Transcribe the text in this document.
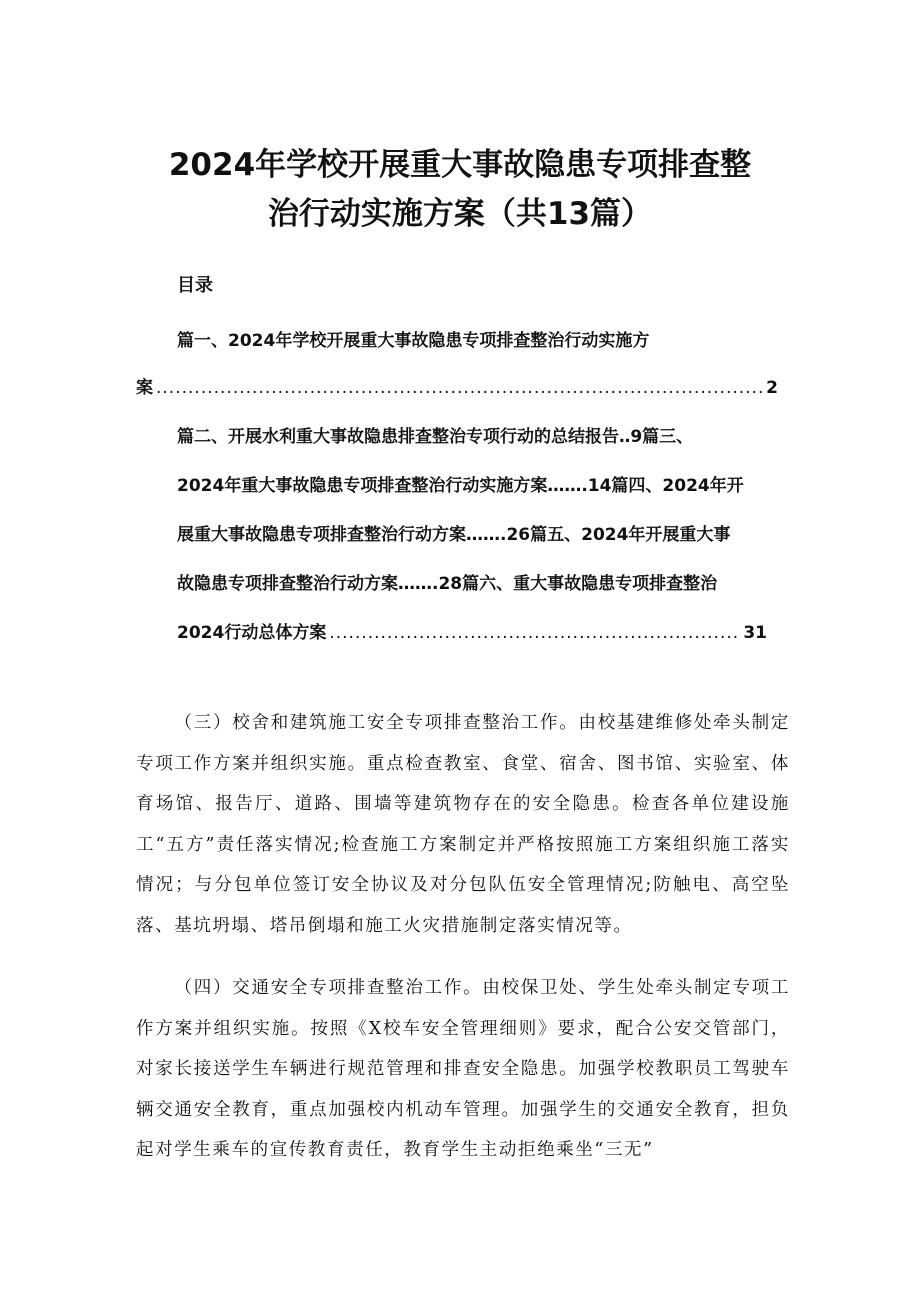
2024年学校开展重大事故隐患专项排查整
治行动实施方案（共13篇）
目录
篇一、2024年学校开展重大事故隐患专项排查整治行动实施方
案 .....	2
篇二、开展水利重大事故隐患排查整治专项行动的总结报告‥9篇三、
2024年重大事故隐患专项排查整治行动实施方案…….14篇四、2024年开
展重大事故隐患专项排查整治行动方案…….26篇五、2024年开展重大事
故隐患专项排查整治行动方案…….28篇六、重大事故隐患专项排查整治
2024行动总体方案 .....	31

（三）校舍和建筑施工安全专项排查整治工作。由校基建维修处牵头制定专项工作方案并组织实施。重点检查教室、食堂、宿舍、图书馆、实验室、体育场馆、报告厅、道路、围墙等建筑物存在的安全隐患。检查各单位建设施工“五方”责任落实情况;检查施工方案制定并严格按照施工方案组织施工落实情况；与分包单位签订安全协议及对分包队伍安全管理情况;防触电、高空坠落、基坑坍塌、塔吊倒塌和施工火灾措施制定落实情况等。

（四）交通安全专项排查整治工作。由校保卫处、学生处牵头制定专项工作方案并组织实施。按照《X校车安全管理细则》要求，配合公安交管部门，对家长接送学生车辆进行规范管理和排查安全隐患。加强学校教职员工驾驶车辆交通安全教育，重点加强校内机动车管理。加强学生的交通安全教育，担负起对学生乘车的宣传教育责任，教育学生主动拒绝乘坐“三无”
